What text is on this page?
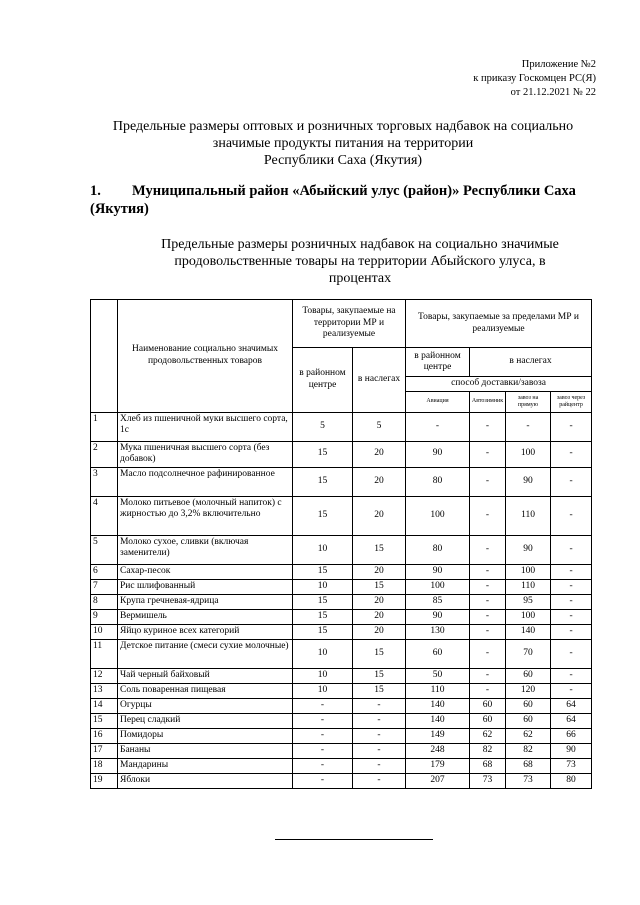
Приложение №2
к приказу Госкомцен РС(Я)
от 21.12.2021 № 22
Предельные размеры оптовых и розничных торговых надбавок на социально
значимые продукты питания на территории
Республики Саха (Якутия)
1. Муниципальный район «Абыйский улус (район)» Республики Саха (Якутия)
Предельные размеры розничных надбавок на социально значимые
продовольственные товары на территории Абыйского улуса, в
процентах
	Наименование социально значимых продовольственных товаров	Товары, закупаемые на территории МР и реализуемые		Товары, закупаемые за пределами МР и реализуемые			
		в районном центре	в наслегах	в районном центре	в наслегах		
				способ доставки/завоза			
				Авиация	Автозимник	завоз на прямую	завоз через райцентр
1	Хлеб из пшеничной муки высшего сорта, 1с	5	5	-	-	-	-
2	Мука пшеничная высшего сорта (без добавок)	15	20	90	-	100	-
3	Масло подсолнечное рафинированное	15	20	80	-	90	-
4	Молоко питьевое (молочный напиток) с жирностью до 3,2% включительно	15	20	100	-	110	-
5	Молоко сухое, сливки (включая заменители)	10	15	80	-	90	-
6	Сахар-песок	15	20	90	-	100	-
7	Рис шлифованный	10	15	100	-	110	-
8	Крупа гречневая-ядрица	15	20	85	-	95	-
9	Вермишель	15	20	90	-	100	-
10	Яйцо куриное всех категорий	15	20	130	-	140	-
11	Детское питание (смеси сухие молочные)	10	15	60	-	70	-
12	Чай черный байховый	10	15	50	-	60	-
13	Соль поваренная пищевая	10	15	110	-	120	-
14	Огурцы	-	-	140	60	60	64
15	Перец сладкий	-	-	140	60	60	64
16	Помидоры	-	-	149	62	62	66
17	Бананы	-	-	248	82	82	90
18	Мандарины	-	-	179	68	68	73
19	Яблоки	-	-	207	73	73	80
